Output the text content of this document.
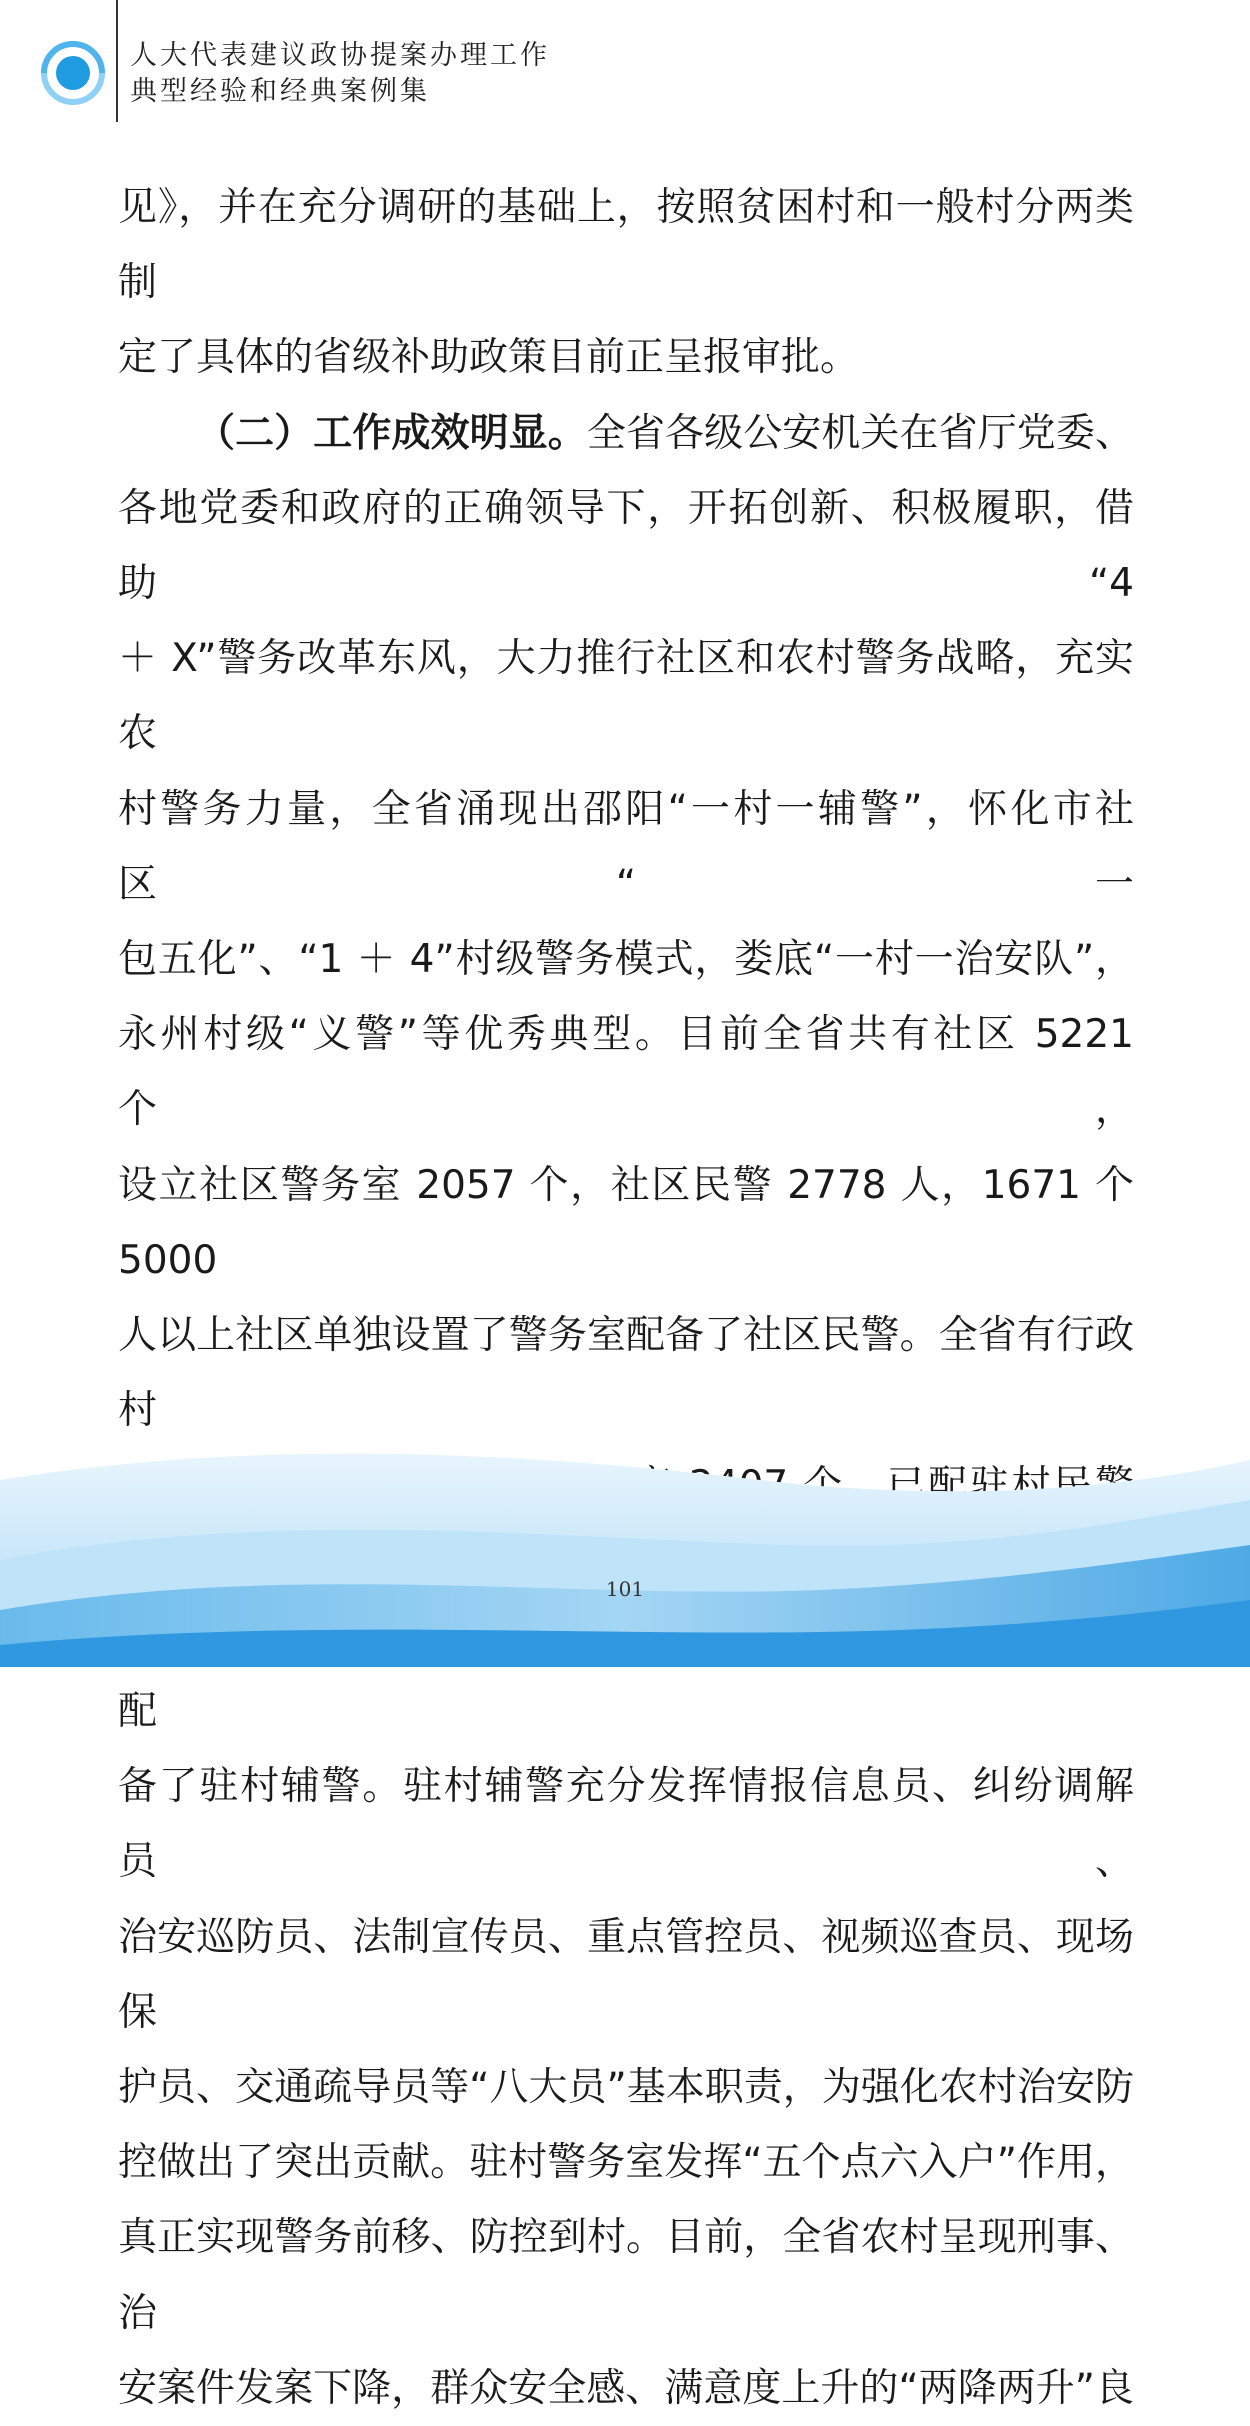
人大代表建议政协提案办理工作
典型经验和经典案例集

见》，并在充分调研的基础上，按照贫困村和一般村分两类制

定了具体的省级补助政策目前正呈报审批。

（二）工作成效明显。全省各级公安机关在省厅党委、

各地党委和政府的正确领导下，开拓创新、积极履职，借助“4

＋ X”警务改革东风，大力推行社区和农村警务战略，充实农

村警务力量，全省涌现出邵阳“一村一辅警”，怀化市社区“一

包五化”、“1 ＋ 4”村级警务模式，娄底“一村一治安队”，

永州村级“义警”等优秀典型。目前全省共有社区 5221 个，

设立社区警务室 2057 个，社区民警 2778 人，1671 个 5000

人以上社区单独设置了警务室配备了社区民警。全省有行政村

配

备了驻村辅警。驻村辅警充分发挥情报信息员、纠纷调解员、

治安巡防员、法制宣传员、重点管控员、视频巡查员、现场保

护员、交通疏导员等“八大员”基本职责，为强化农村治安防

控做出了突出贡献。驻村警务室发挥“五个点六入户”作用，

真正实现警务前移、防控到村。目前，全省农村呈现刑事、治

安案件发案下降，群众安全感、满意度上升的“两降两升”良

101
